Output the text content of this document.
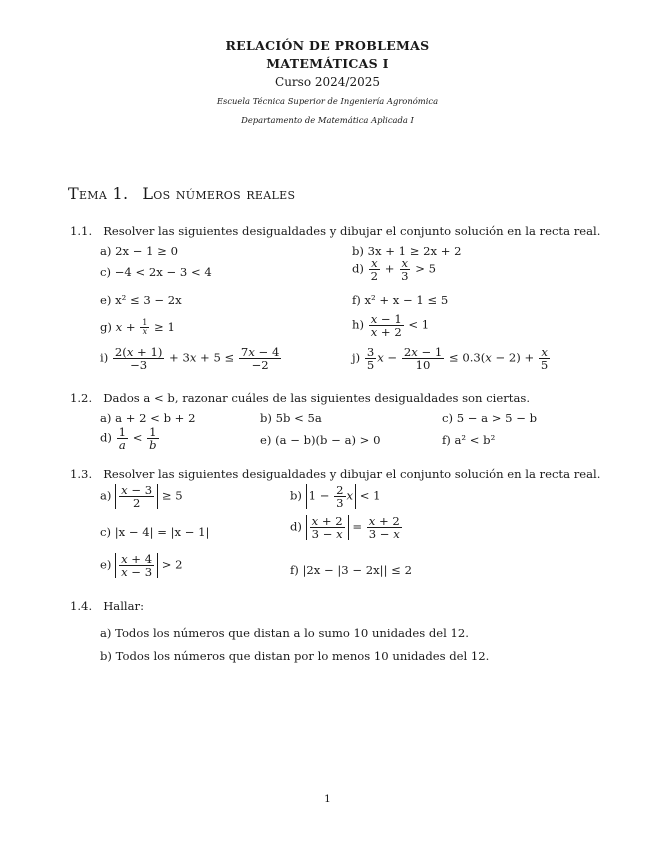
RELACIÓN DE PROBLEMAS
MATEMÁTICAS I
Curso 2024/2025
Escuela Técnica Superior de Ingeniería Agronómica
Departamento de Matemática Aplicada I
Tema 1. Los números reales
1.1. Resolver las siguientes desigualdades y dibujar el conjunto solución en la recta real.
a) 2x − 1 ≥ 0	b) 3x + 1 ≥ 2x + 2
c) −4 < 2x − 3 < 4	$d) \frac{x}{2} + \frac{x}{3} > 5$
e) x² ≤ 3 − 2x	f) x² + x − 1 ≤ 5
g) $x + \frac{1}{x} \ge 1$	$h) \frac{x - 1}{x + 2} < 1$
$i) \frac{2(x + 1)}{-3} + 3x + 5 \le \frac{7x - 4}{-2}$	$j) \frac{3}{5}$ $x - \frac{2x - 1}{10} \le 0.3(x - 2) + \frac{x}{5}$
1.2. Dados a < b, razonar cuáles de las siguientes desigualdades son ciertas.
a) a + 2 < b + 2	b) 5b < 5a	c) 5 − a > 5 − b
$d) \frac{1}{a} < \frac{1}{b}$	e) (a − b)(b − a) > 0	f) a² < b²
1.3. Resolver las siguientes desigualdades y dibujar el conjunto solución en la recta real.
$a) \frac{x - 3}{2} \ge 5$	b) $1 - \frac{2}{3}$ x < 1
c) |x − 4| = |x − 1|	$d) \frac{x + 2}{3 - x} = \frac{x + 2}{3 - x}$
$e) \frac{x + 4}{x - 3} > 2$	f) |2x − |3 − 2x|| ≤ 2
1.4. Hallar:
a) Todos los números que distan a lo sumo 10 unidades del 12.
b) Todos los números que distan por lo menos 10 unidades del 12.
1
